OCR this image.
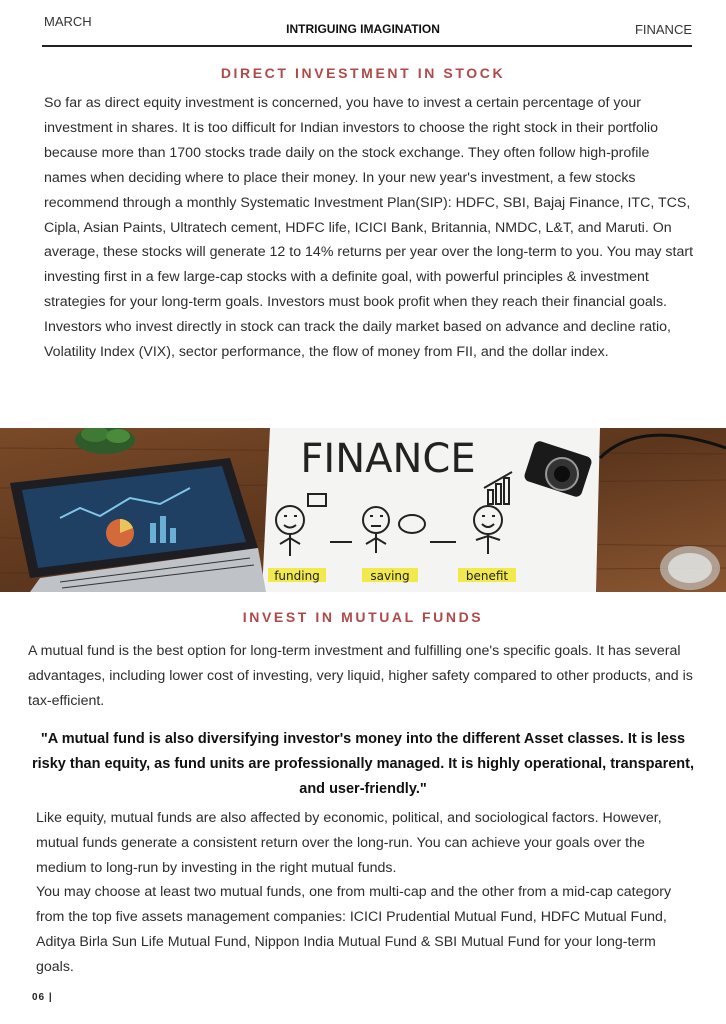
MARCH	INTRIGUING IMAGINATION	FINANCE
DIRECT INVESTMENT IN STOCK

So far as direct equity investment is concerned, you have to invest a certain percentage of your investment in shares. It is too difficult for Indian investors to choose the right stock in their portfolio because more than 1700 stocks trade daily on the stock exchange. They often follow high-profile names when deciding where to place their money. In your new year's investment, a few stocks recommend through a monthly Systematic Investment Plan(SIP): HDFC, SBI, Bajaj Finance, ITC, TCS, Cipla, Asian Paints, Ultratech cement, HDFC life, ICICI Bank, Britannia, NMDC, L&T, and Maruti. On average, these stocks will generate 12 to 14% returns per year over the long-term to you. You may start investing first in a few large-cap stocks with a definite goal, with powerful principles & investment strategies for your long-term goals. Investors must book profit when they reach their financial goals. Investors who invest directly in stock can track the daily market based on advance and decline ratio, Volatility Index (VIX), sector performance, the flow of money from FII, and the dollar index.

FINANCE
funding	saving	benefit
INVEST IN MUTUAL FUNDS

A mutual fund is the best option for long-term investment and fulfilling one's specific goals. It has several advantages, including lower cost of investing, very liquid, higher safety compared to other products, and is tax-efficient.

"A mutual fund is also diversifying investor's money into the different Asset classes. It is less risky than equity, as fund units are professionally managed. It is highly operational, transparent, and user-friendly."

Like equity, mutual funds are also affected by economic, political, and sociological factors. However, mutual funds generate a consistent return over the long-run. You can achieve your goals over the medium to long-run by investing in the right mutual funds.

You may choose at least two mutual funds, one from multi-cap and the other from a mid-cap category from the top five assets management companies: ICICI Prudential Mutual Fund, HDFC Mutual Fund, Aditya Birla Sun Life Mutual Fund, Nippon India Mutual Fund & SBI Mutual Fund for your long-term goals.

06 |
